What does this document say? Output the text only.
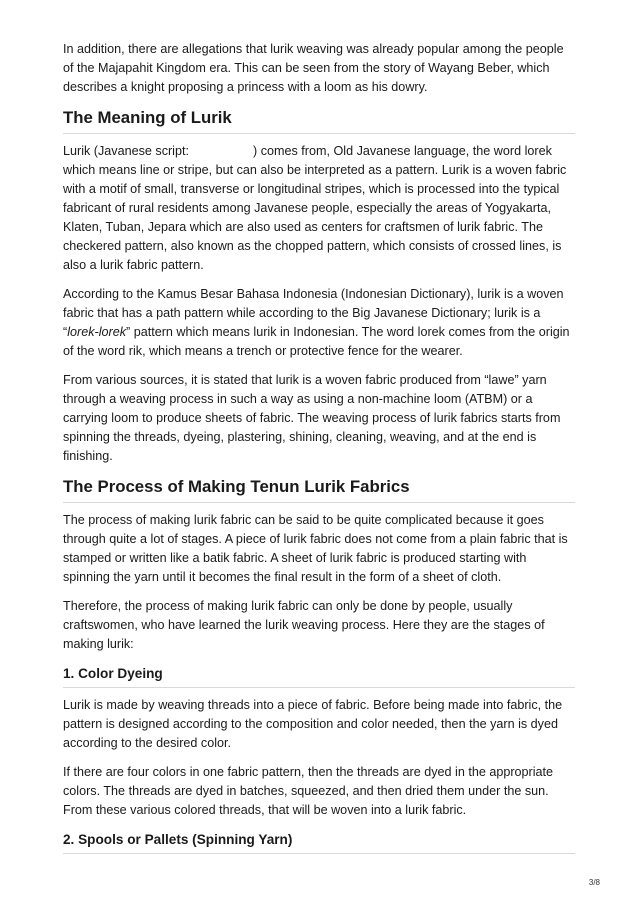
In addition, there are allegations that lurik weaving was already popular among the people of the Majapahit Kingdom era. This can be seen from the story of Wayang Beber, which describes a knight proposing a princess with a loom as his dowry.

The Meaning of Lurik

Lurik (Javanese script:	) comes from, Old Javanese language, the word lorek which means line or stripe, but can also be interpreted as a pattern. Lurik is a woven fabric with a motif of small, transverse or longitudinal stripes, which is processed into the typical fabricant of rural residents among Javanese people, especially the areas of Yogyakarta, Klaten, Tuban, Jepara which are also used as centers for craftsmen of lurik fabric. The checkered pattern, also known as the chopped pattern, which consists of crossed lines, is also a lurik fabric pattern.

According to the Kamus Besar Bahasa Indonesia (Indonesian Dictionary), lurik is a woven fabric that has a path pattern while according to the Big Javanese Dictionary; lurik is a “lorek-lorek” pattern which means lurik in Indonesian. The word lorek comes from the origin of the word rik, which means a trench or protective fence for the wearer.

From various sources, it is stated that lurik is a woven fabric produced from “lawe” yarn through a weaving process in such a way as using a non-machine loom (ATBM) or a carrying loom to produce sheets of fabric. The weaving process of lurik fabrics starts from spinning the threads, dyeing, plastering, shining, cleaning, weaving, and at the end is finishing.

The Process of Making Tenun Lurik Fabrics

The process of making lurik fabric can be said to be quite complicated because it goes through quite a lot of stages. A piece of lurik fabric does not come from a plain fabric that is stamped or written like a batik fabric. A sheet of lurik fabric is produced starting with spinning the yarn until it becomes the final result in the form of a sheet of cloth.

Therefore, the process of making lurik fabric can only be done by people, usually craftswomen, who have learned the lurik weaving process. Here they are the stages of making lurik:

1. Color Dyeing

Lurik is made by weaving threads into a piece of fabric. Before being made into fabric, the pattern is designed according to the composition and color needed, then the yarn is dyed according to the desired color.

If there are four colors in one fabric pattern, then the threads are dyed in the appropriate colors. The threads are dyed in batches, squeezed, and then dried them under the sun. From these various colored threads, that will be woven into a lurik fabric.

2. Spools or Pallets (Spinning Yarn)
3/8
